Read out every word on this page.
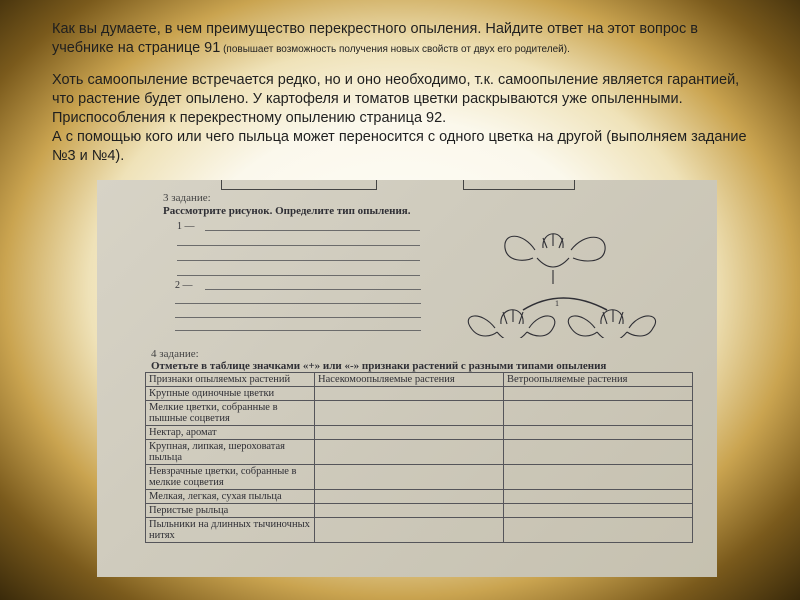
Как вы думаете, в чем преимущество перекрестного опыления. Найдите ответ на этот вопрос в учебнике на странице 91 (повышает возможность получения новых свойств от двух его родителей).

Хоть самоопыление встречается редко, но и оно необходимо, т.к. самоопыление является гарантией, что растение будет опылено. У картофеля и томатов цветки раскрываются уже опыленными. Приспособления к перекрестному опылению страница 92.
А с помощью кого или чего пыльца может переносится с одного цветка на другой (выполняем задание №3 и №4).

3 задание:
Рассмотрите рисунок. Определите тип опыления.
1 —
2 —
1
4 задание:
Отметьте в таблице значками «+» или «-» признаки растений с разными типами опыления
Признаки опыляемых растений	Насекомоопыляемые растения	Ветроопыляемые растения
Крупные одиночные цветки		
Мелкие цветки, собранные в пышные соцветия		
Нектар, аромат		
Крупная, липкая, шероховатая пыльца		
Невзрачные цветки, собранные в мелкие соцветия		
Мелкая, легкая, сухая пыльца		
Перистые рыльца		
Пыльники на длинных тычиночных нитях		
